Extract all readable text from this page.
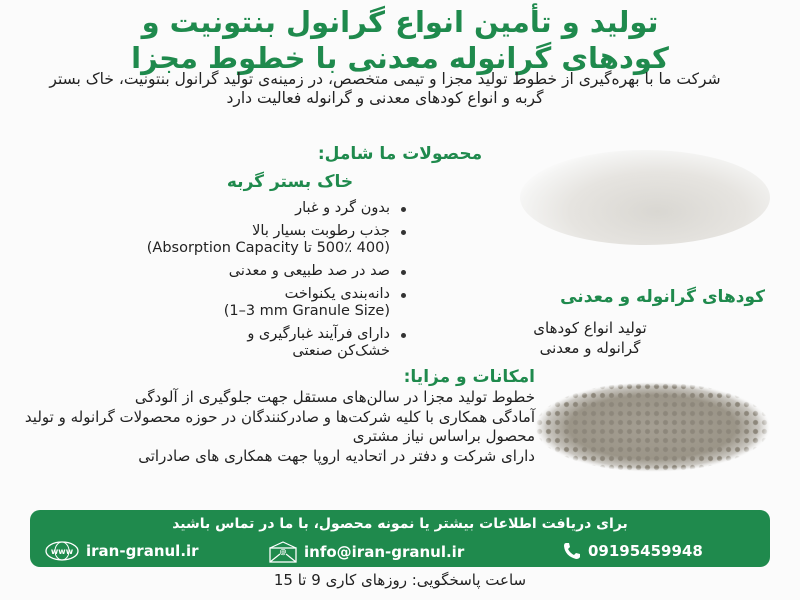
تولید و تأمین انواع گرانول بنتونیت و
کودهای گرانوله معدنی با خطوط مجزا
شرکت ما با بهره‌گیری از خطوط تولید مجزا و تیمی متخصص، در زمینه‌ی تولید گرانول بنتونیت، خاک بستر گربه و انواع کودهای معدنی و گرانوله فعالیت دارد
محصولات ما شامل:
خاک بستر گربه
بدون گرد و غبار
جذب رطوبت بسیار بالا
(400 500٪ تا Absorption Capacity)
صد در صد طبیعی و معدنی
دانه‌بندی یکنواخت
(1–3 mm Granule Size)
دارای فرآیند غبارگیری و
خشک‌کن صنعتی
کودهای گرانوله و معدنی
تولید انواع کودهای
گرانوله و معدنی
امکانات و مزایا:
خطوط تولید مجزا در سالن‌های مستقل جهت جلوگیری از آلودگی
آمادگی همکاری با کلیه شرکت‌ها و صادرکنندگان در حوزه محصولات گرانوله و تولید محصول براساس نیاز مشتری
دارای شرکت و دفتر در اتحادیه اروپا جهت همکاری های صادراتی
برای دریافت اطلاعات بیشتر یا نمونه محصول، با ما در تماس باشید
www iran-granul.ir	@ info@iran-granul.ir	09195459948
ساعت پاسخگویی: روزهای کاری 9 تا 15
